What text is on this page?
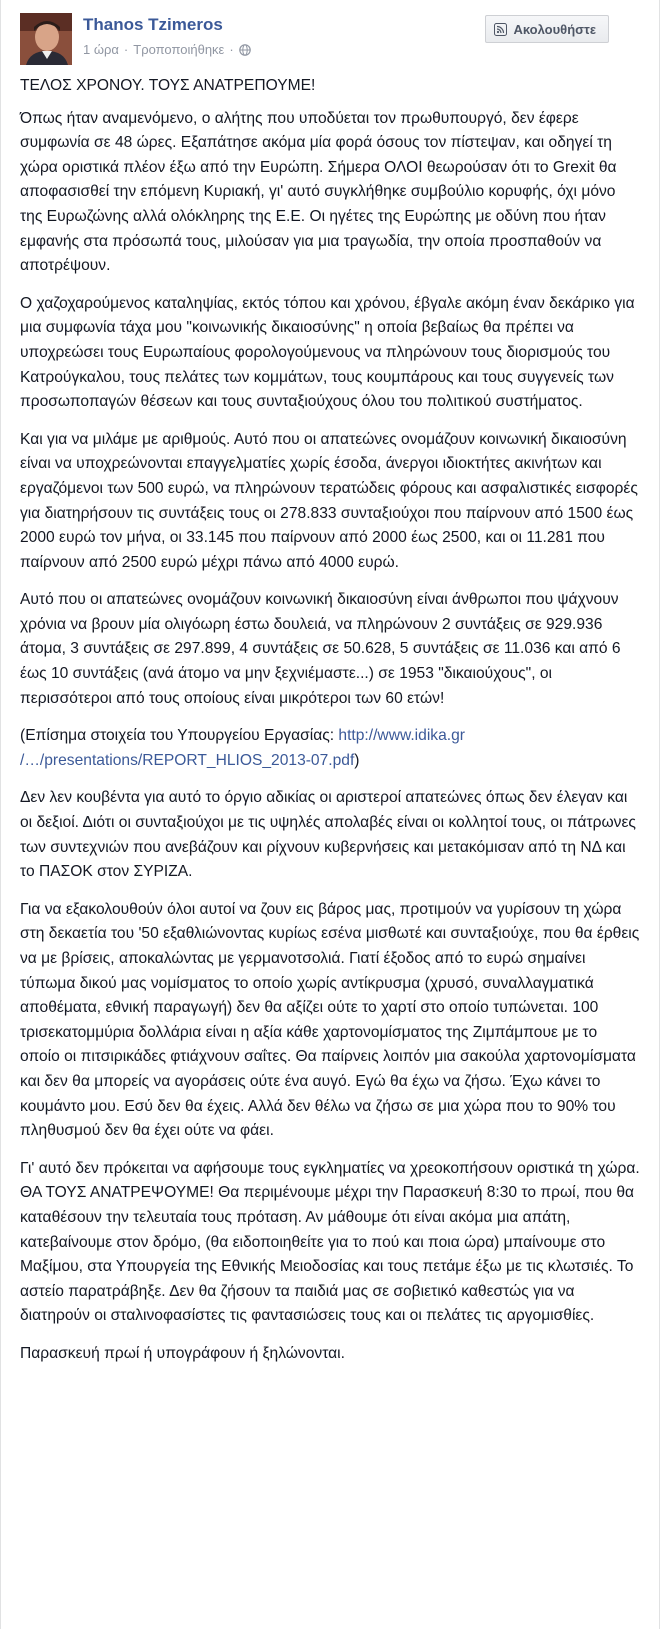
Thanos Tzimeros
1 ώρα · Τροποποιήθηκε ·
Ακολουθήστε

ΤΕΛΟΣ ΧΡΟΝΟΥ. ΤΟΥΣ ΑΝΑΤΡΕΠΟΥΜΕ!

Όπως ήταν αναμενόμενο, ο αλήτης που υποδύεται τον πρωθυπουργό, δεν έφερε συμφωνία σε 48 ώρες. Εξαπάτησε ακόμα μία φορά όσους τον πίστεψαν, και οδηγεί τη χώρα οριστικά πλέον έξω από την Ευρώπη. Σήμερα ΟΛΟΙ θεωρούσαν ότι το Grexit θα αποφασισθεί την επόμενη Κυριακή, γι' αυτό συγκλήθηκε συμβούλιο κορυφής, όχι μόνο της Ευρωζώνης αλλά ολόκληρης της Ε.Ε. Οι ηγέτες της Ευρώπης με οδύνη που ήταν εμφανής στα πρόσωπά τους, μιλούσαν για μια τραγωδία, την οποία προσπαθούν να αποτρέψουν.

Ο χαζοχαρούμενος καταληψίας, εκτός τόπου και χρόνου, έβγαλε ακόμη έναν δεκάρικο για μια συμφωνία τάχα μου "κοινωνικής δικαιοσύνης" η οποία βεβαίως θα πρέπει να υποχρεώσει τους Ευρωπαίους φορολογούμενους να πληρώνουν τους διορισμούς του Κατρούγκαλου, τους πελάτες των κομμάτων, τους κουμπάρους και τους συγγενείς των προσωποπαγών θέσεων και τους συνταξιούχους όλου του πολιτικού συστήματος.

Και για να μιλάμε με αριθμούς. Αυτό που οι απατεώνες ονομάζουν κοινωνική δικαιοσύνη είναι να υποχρεώνονται επαγγελματίες χωρίς έσοδα, άνεργοι ιδιοκτήτες ακινήτων και εργαζόμενοι των 500 ευρώ, να πληρώνουν τερατώδεις φόρους και ασφαλιστικές εισφορές για διατηρήσουν τις συντάξεις τους οι 278.833 συνταξιούχοι που παίρνουν από 1500 έως 2000 ευρώ τον μήνα, οι 33.145 που παίρνουν από 2000 έως 2500, και οι 11.281 που παίρνουν από 2500 ευρώ μέχρι πάνω από 4000 ευρώ.

Αυτό που οι απατεώνες ονομάζουν κοινωνική δικαιοσύνη είναι άνθρωποι που ψάχνουν χρόνια να βρουν μία ολιγόωρη έστω δουλειά, να πληρώνουν 2 συντάξεις σε 929.936 άτομα, 3 συντάξεις σε 297.899, 4 συντάξεις σε 50.628, 5 συντάξεις σε 11.036 και από 6 έως 10 συντάξεις (ανά άτομο να μην ξεχνιέμαστε...) σε 1953 "δικαιούχους", οι περισσότεροι από τους οποίους είναι μικρότεροι των 60 ετών!

(Επίσημα στοιχεία του Υπουργείου Εργασίας: http://www.idika.gr /…/presentations/REPORT_HLIOS_2013-07.pdf)

Δεν λεν κουβέντα για αυτό το όργιο αδικίας οι αριστεροί απατεώνες όπως δεν έλεγαν και οι δεξιοί. Διότι οι συνταξιούχοι με τις υψηλές απολαβές είναι οι κολλητοί τους, οι πάτρωνες των συντεχνιών που ανεβάζουν και ρίχνουν κυβερνήσεις και μετακόμισαν από τη ΝΔ και το ΠΑΣΟΚ στον ΣΥΡΙΖΑ.

Για να εξακολουθούν όλοι αυτοί να ζουν εις βάρος μας, προτιμούν να γυρίσουν τη χώρα στη δεκαετία του '50 εξαθλιώνοντας κυρίως εσένα μισθωτέ και συνταξιούχε, που θα έρθεις να με βρίσεις, αποκαλώντας με γερμανοτσολιά. Γιατί έξοδος από το ευρώ σημαίνει τύπωμα δικού μας νομίσματος το οποίο χωρίς αντίκρυσμα (χρυσό, συναλλαγματικά αποθέματα, εθνική παραγωγή) δεν θα αξίζει ούτε το χαρτί στο οποίο τυπώνεται. 100 τρισεκατομμύρια δολλάρια είναι η αξία κάθε χαρτονομίσματος της Ζιμπάμπουε με το οποίο οι πιτσιρικάδες φτιάχνουν σαΐτες. Θα παίρνεις λοιπόν μια σακούλα χαρτονομίσματα και δεν θα μπορείς να αγοράσεις ούτε ένα αυγό. Εγώ θα έχω να ζήσω. Έχω κάνει το κουμάντο μου. Εσύ δεν θα έχεις. Αλλά δεν θέλω να ζήσω σε μια χώρα που το 90% του πληθυσμού δεν θα έχει ούτε να φάει.

Γι' αυτό δεν πρόκειται να αφήσουμε τους εγκληματίες να χρεοκοπήσουν οριστικά τη χώρα. ΘΑ ΤΟΥΣ ΑΝΑΤΡΕΨΟΥΜΕ! Θα περιμένουμε μέχρι την Παρασκευή 8:30 το πρωί, που θα καταθέσουν την τελευταία τους πρόταση. Αν μάθουμε ότι είναι ακόμα μια απάτη, κατεβαίνουμε στον δρόμο, (θα ειδοποιηθείτε για το πού και ποια ώρα) μπαίνουμε στο Μαξίμου, στα Υπουργεία της Εθνικής Μειοδοσίας και τους πετάμε έξω με τις κλωτσιές. Το αστείο παρατράβηξε. Δεν θα ζήσουν τα παιδιά μας σε σοβιετικό καθεστώς για να διατηρούν οι σταλινοφασίστες τις φαντασιώσεις τους και οι πελάτες τις αργομισθίες.

Παρασκευή πρωί ή υπογράφουν ή ξηλώνονται.
